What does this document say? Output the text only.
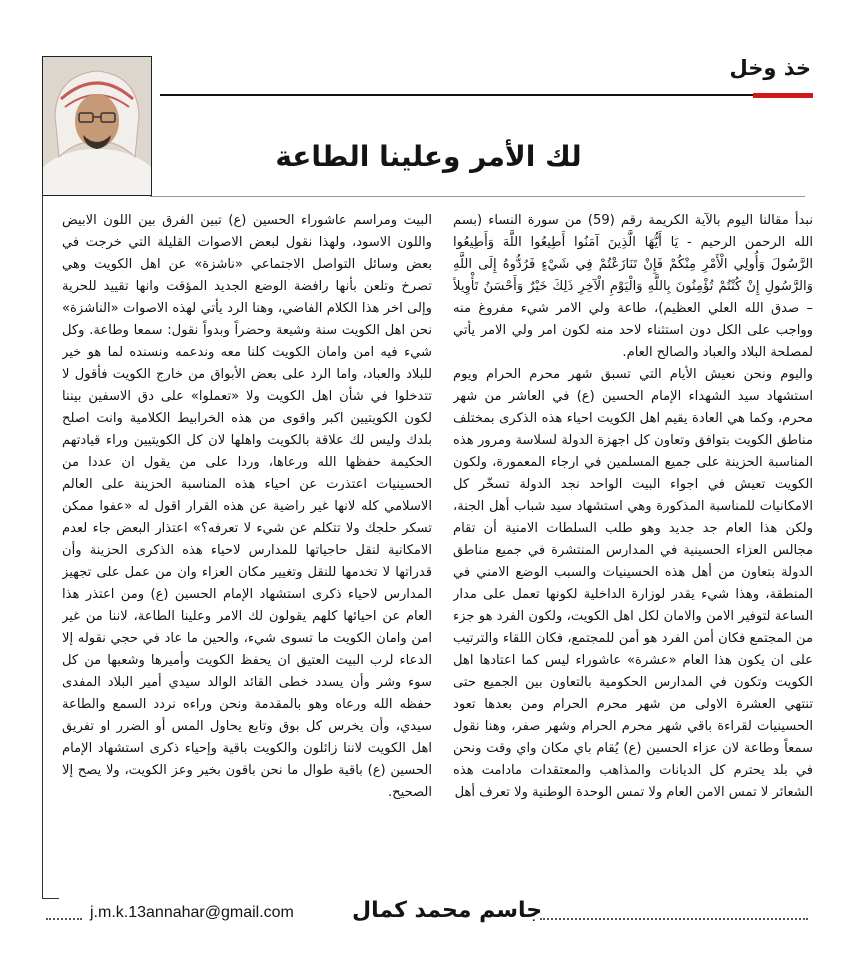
خذ وخل
لك الأمر وعلينا الطاعة

نبدأ مقالنا اليوم بالآية الكريمة رقم (59) من سورة النساء (بسم الله الرحمن الرحيم - يَا أَيُّهَا الَّذِينَ آمَنُوا أَطِيعُوا اللَّهَ وَأَطِيعُوا الرَّسُولَ وَأُولِي الْأَمْرِ مِنْكُمْ فَإِنْ تَنَازَعْتُمْ فِي شَيْءٍ فَرُدُّوهُ إِلَى اللَّهِ وَالرَّسُولِ إِنْ كُنْتُمْ تُؤْمِنُونَ بِاللَّهِ وَالْيَوْمِ الْآخِرِ ذَلِكَ خَيْرٌ وَأَحْسَنُ تَأْوِيلاً – صدق الله العلي العظيم)، طاعة ولي الامر شيء مفروغ منه وواجب على الكل دون استثناء لاحد منه لكون امر ولي الامر يأتي لمصلحة البلاد والعباد والصالح العام.

واليوم ونحن نعيش الأيام التي تسبق شهر محرم الحرام ويوم استشهاد سيد الشهداء الإمام الحسين (ع) في العاشر من شهر محرم، وكما هي العادة يقيم اهل الكويت احياء هذه الذكرى بمختلف مناطق الكويت بتوافق وتعاون كل اجهزة الدولة لسلاسة ومرور هذه المناسبة الحزينة على جميع المسلمين في ارجاء المعمورة، ولكون الكويت تعيش في اجواء البيت الواحد نجد الدولة تسخّر كل الامكانيات للمناسبة المذكورة وهي استشهاد سيد شباب أهل الجنة، ولكن هذا العام جد جديد وهو طلب السلطات الامنية أن تقام مجالس العزاء الحسينية في المدارس المنتشرة في جميع مناطق الدولة بتعاون من أهل هذه الحسينيات والسبب الوضع الامني في المنطقة، وهذا شيء يقدر لوزارة الداخلية لكونها تعمل على مدار الساعة لتوفير الامن والامان لكل اهل الكويت، ولكون الفرد هو جزء من المجتمع فكان أمن الفرد هو أمن للمجتمع، فكان اللقاء والترتيب على ان يكون هذا العام «عشرة» عاشوراء ليس كما اعتادها اهل الكويت وتكون في المدارس الحكومية بالتعاون بين الجميع حتى تنتهي العشرة الاولى من شهر محرم الحرام ومن بعدها تعود الحسينيات لقراءة باقي شهر محرم الحرام وشهر صفر، وهنا نقول سمعاً وطاعة لان عزاء الحسين (ع) يُقام باي مكان واي وقت ونحن في بلد يحترم كل الديانات والمذاهب والمعتقدات مادامت هذه الشعائر لا تمس الامن العام ولا تمس الوحدة الوطنية ولا تعرف أهل

البيت ومراسم عاشوراء الحسين (ع) تبين الفرق بين اللون الابيض واللون الاسود، ولهذا نقول لبعض الاصوات القليلة التي خرجت في بعض وسائل التواصل الاجتماعي «ناشزة» عن اهل الكويت وهي تصرخ وتلعن بأنها رافضة الوضع الجديد المؤقت وانها تقييد للحرية وإلى اخر هذا الكلام الفاضي، وهنا الرد يأتي لهذه الاصوات «الناشزة» نحن اهل الكويت سنة وشيعة وحضراً وبدواً نقول: سمعا وطاعة. وكل شيء فيه امن وامان الكويت كلنا معه وندعمه ونسنده لما هو خير للبلاد والعباد، واما الرد على بعض الأبواق من خارج الكويت فأقول لا تتدخلوا في شأن اهل الكويت ولا «تعملوا» على دق الاسفين بيننا لكون الكويتيين اكبر واقوى من هذه الخرابيط الكلامية وانت اصلح بلدك وليس لك علاقة بالكويت واهلها لان كل الكويتيين وراء قيادتهم الحكيمة حفظها الله ورعاها، وردا على من يقول ان عددا من الحسينيات اعتذرت عن احياء هذه المناسبة الحزينة على العالم الاسلامي كله لانها غير راضية عن هذه القرار اقول له «عفوا ممكن تسكر حلجك ولا تتكلم عن شيء لا تعرفه؟» اعتذار البعض جاء لعدم الامكانية لنقل حاجياتها للمدارس لاحياء هذه الذكرى الحزينة وأن قدراتها لا تخدمها للنقل وتغيير مكان العزاء وان من عمل على تجهيز المدارس لاحياء ذكرى استشهاد الإمام الحسين (ع) ومن اعتذر هذا العام عن احيائها كلهم يقولون لك الامر وعلينا الطاعة، لاننا من غير امن وامان الكويت ما تسوى شيء، والحين ما عاد في حجي نقوله إلا الدعاء لرب البيت العتيق ان يحفظ الكويت وأميرها وشعبها من كل سوء وشر وأن يسدد خطى القائد الوالد سيدي أمير البلاد المفدى حفظه الله ورعاه وهو بالمقدمة ونحن وراءه نردد السمع والطاعة سيدي، وأن يخرس كل بوق وتابع يحاول المس أو الضرر او تفريق اهل الكويت لاننا زائلون والكويت باقية وإحياء ذكرى استشهاد الإمام الحسين (ع) باقية طوال ما نحن باقون بخير وعز الكويت، ولا يصح إلا الصحيح.

j.m.k.13annahar@gmail.com	جاسم محمد كمال
